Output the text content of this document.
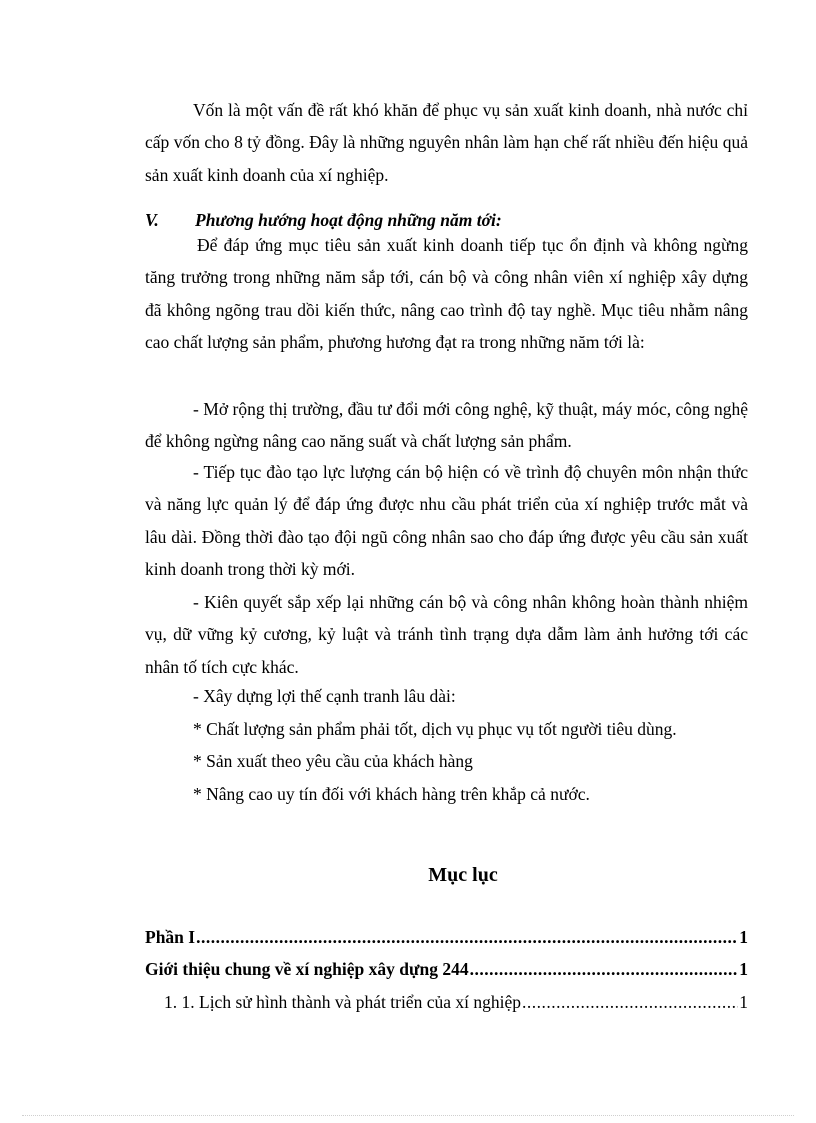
Vốn là một vấn đề rất khó khăn để phục vụ sản xuất kinh doanh, nhà nước chỉ cấp vốn cho 8 tỷ đồng. Đây là những nguyên nhân làm hạn chế rất nhiều đến hiệu quả sản xuất kinh doanh của xí nghiệp.

V. Phương hướng hoạt động những năm tới:

Để đáp ứng mục tiêu sản xuất kinh doanh tiếp tục ổn định và không ngừng tăng trưởng trong những năm sắp tới, cán bộ và công nhân viên xí nghiệp xây dựng đã không ngõng trau dồi kiến thức, nâng cao trình độ tay nghề. Mục tiêu nhằm nâng cao chất lượng sản phẩm, phương hương đạt ra trong những năm tới là:

- Mở rộng thị trường, đầu tư đổi mới công nghệ, kỹ thuật, máy móc, công nghệ để không ngừng nâng cao năng suất và chất lượng sản phẩm.

- Tiếp tục đào tạo lực lượng cán bộ hiện có về trình độ chuyên môn nhận thức và năng lực quản lý để đáp ứng được nhu cầu phát triển của xí nghiệp trước mắt và lâu dài. Đồng thời đào tạo đội ngũ công nhân sao cho đáp ứng được yêu cầu sản xuất kinh doanh trong thời kỳ mới.

- Kiên quyết sắp xếp lại những cán bộ và công nhân không hoàn thành nhiệm vụ, dữ vững kỷ cương, kỷ luật và tránh tình trạng dựa dẫm làm ảnh hưởng tới các nhân tố tích cực khác.

- Xây dựng lợi thế cạnh tranh lâu dài:
* Chất lượng sản phẩm phải tốt, dịch vụ phục vụ tốt người tiêu dùng.
* Sản xuất theo yêu cầu của khách hàng
* Nâng cao uy tín đối với khách hàng trên khắp cả nước.
Mục lục
Phần I .....	1
Giới thiệu chung về xí nghiệp xây dựng 244 .....	1
1. 1. Lịch sử hình thành và phát triển của xí nghiệp .....	1
